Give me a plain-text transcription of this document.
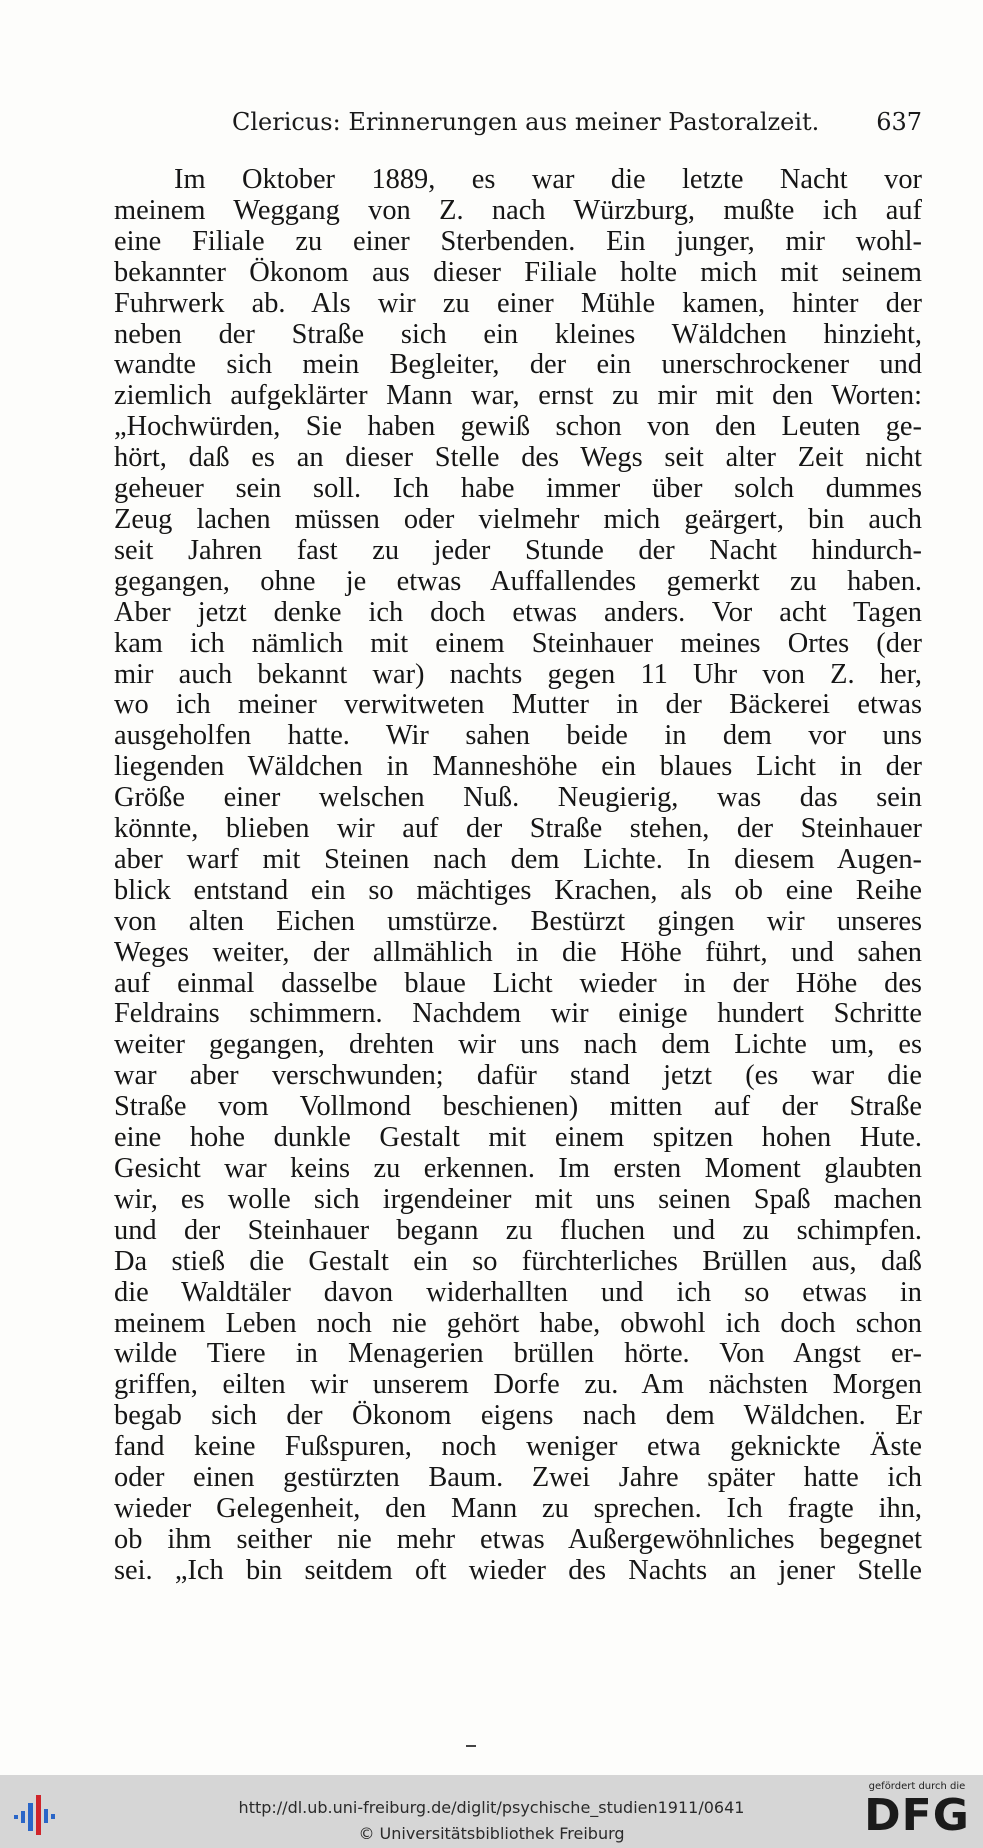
Clericus: Erinnerungen aus meiner Pastoralzeit. 637
Im Oktober 1889, es war die letzte Nacht vor
meinem Weggang von Z. nach Würzburg, mußte ich auf
eine Filiale zu einer Sterbenden. Ein junger, mir wohl-
bekannter Ökonom aus dieser Filiale holte mich mit seinem
Fuhrwerk ab. Als wir zu einer Mühle kamen, hinter der
neben der Straße sich ein kleines Wäldchen hinzieht,
wandte sich mein Begleiter, der ein unerschrockener und
ziemlich aufgeklärter Mann war, ernst zu mir mit den Worten:
„Hochwürden, Sie haben gewiß schon von den Leuten ge-
hört, daß es an dieser Stelle des Wegs seit alter Zeit nicht
geheuer sein soll. Ich habe immer über solch dummes
Zeug lachen müssen oder vielmehr mich geärgert, bin auch
seit Jahren fast zu jeder Stunde der Nacht hindurch-
gegangen, ohne je etwas Auffallendes gemerkt zu haben.
Aber jetzt denke ich doch etwas anders. Vor acht Tagen
kam ich nämlich mit einem Steinhauer meines Ortes (der
mir auch bekannt war) nachts gegen 11 Uhr von Z. her,
wo ich meiner verwitweten Mutter in der Bäckerei etwas
ausgeholfen hatte. Wir sahen beide in dem vor uns
liegenden Wäldchen in Manneshöhe ein blaues Licht in der
Größe einer welschen Nuß. Neugierig, was das sein
könnte, blieben wir auf der Straße stehen, der Steinhauer
aber warf mit Steinen nach dem Lichte. In diesem Augen-
blick entstand ein so mächtiges Krachen, als ob eine Reihe
von alten Eichen umstürze. Bestürzt gingen wir unseres
Weges weiter, der allmählich in die Höhe führt, und sahen
auf einmal dasselbe blaue Licht wieder in der Höhe des
Feldrains schimmern. Nachdem wir einige hundert Schritte
weiter gegangen, drehten wir uns nach dem Lichte um, es
war aber verschwunden; dafür stand jetzt (es war die
Straße vom Vollmond beschienen) mitten auf der Straße
eine hohe dunkle Gestalt mit einem spitzen hohen Hute.
Gesicht war keins zu erkennen. Im ersten Moment glaubten
wir, es wolle sich irgendeiner mit uns seinen Spaß machen
und der Steinhauer begann zu fluchen und zu schimpfen.
Da stieß die Gestalt ein so fürchterliches Brüllen aus, daß
die Waldtäler davon widerhallten und ich so etwas in
meinem Leben noch nie gehört habe, obwohl ich doch schon
wilde Tiere in Menagerien brüllen hörte. Von Angst er-
griffen, eilten wir unserem Dorfe zu. Am nächsten Morgen
begab sich der Ökonom eigens nach dem Wäldchen. Er
fand keine Fußspuren, noch weniger etwa geknickte Äste
oder einen gestürzten Baum. Zwei Jahre später hatte ich
wieder Gelegenheit, den Mann zu sprechen. Ich fragte ihn,
ob ihm seither nie mehr etwas Außergewöhnliches begegnet
sei. „Ich bin seitdem oft wieder des Nachts an jener Stelle
http://dl.ub.uni-freiburg.de/diglit/psychische_studien1911/0641
© Universitätsbibliothek Freiburg
gefördert durch die
DFG
